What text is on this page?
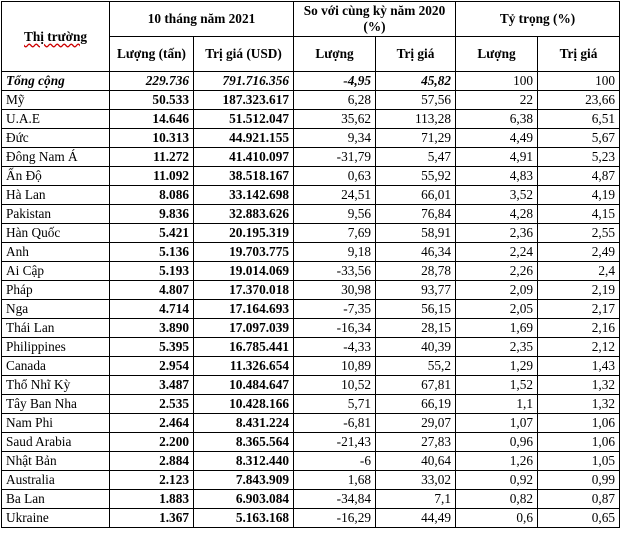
Thị trường	10 tháng năm 2021		So với cùng kỳ năm 2020 (%)		Tỷ trọng (%)	
	Lượng (tấn)	Trị giá (USD)	Lượng	Trị giá	Lượng	Trị giá
Tổng cộng	229.736	791.716.356	-4,95	45,82	100	100
Mỹ	50.533	187.323.617	6,28	57,56	22	23,66
U.A.E	14.646	51.512.047	35,62	113,28	6,38	6,51
Đức	10.313	44.921.155	9,34	71,29	4,49	5,67
Đông Nam Á	11.272	41.410.097	-31,79	5,47	4,91	5,23
Ấn Độ	11.092	38.518.167	0,63	55,92	4,83	4,87
Hà Lan	8.086	33.142.698	24,51	66,01	3,52	4,19
Pakistan	9.836	32.883.626	9,56	76,84	4,28	4,15
Hàn Quốc	5.421	20.195.319	7,69	58,91	2,36	2,55
Anh	5.136	19.703.775	9,18	46,34	2,24	2,49
Ai Cập	5.193	19.014.069	-33,56	28,78	2,26	2,4
Pháp	4.807	17.370.018	30,98	93,77	2,09	2,19
Nga	4.714	17.164.693	-7,35	56,15	2,05	2,17
Thái Lan	3.890	17.097.039	-16,34	28,15	1,69	2,16
Philippines	5.395	16.785.441	-4,33	40,39	2,35	2,12
Canada	2.954	11.326.654	10,89	55,2	1,29	1,43
Thổ Nhĩ Kỳ	3.487	10.484.647	10,52	67,81	1,52	1,32
Tây Ban Nha	2.535	10.428.166	5,71	66,19	1,1	1,32
Nam Phi	2.464	8.431.224	-6,81	29,07	1,07	1,06
Saud Arabia	2.200	8.365.564	-21,43	27,83	0,96	1,06
Nhật Bản	2.884	8.312.440	-6	40,64	1,26	1,05
Australia	2.123	7.843.909	1,68	33,02	0,92	0,99
Ba Lan	1.883	6.903.084	-34,84	7,1	0,82	0,87
Ukraine	1.367	5.163.168	-16,29	44,49	0,6	0,65
